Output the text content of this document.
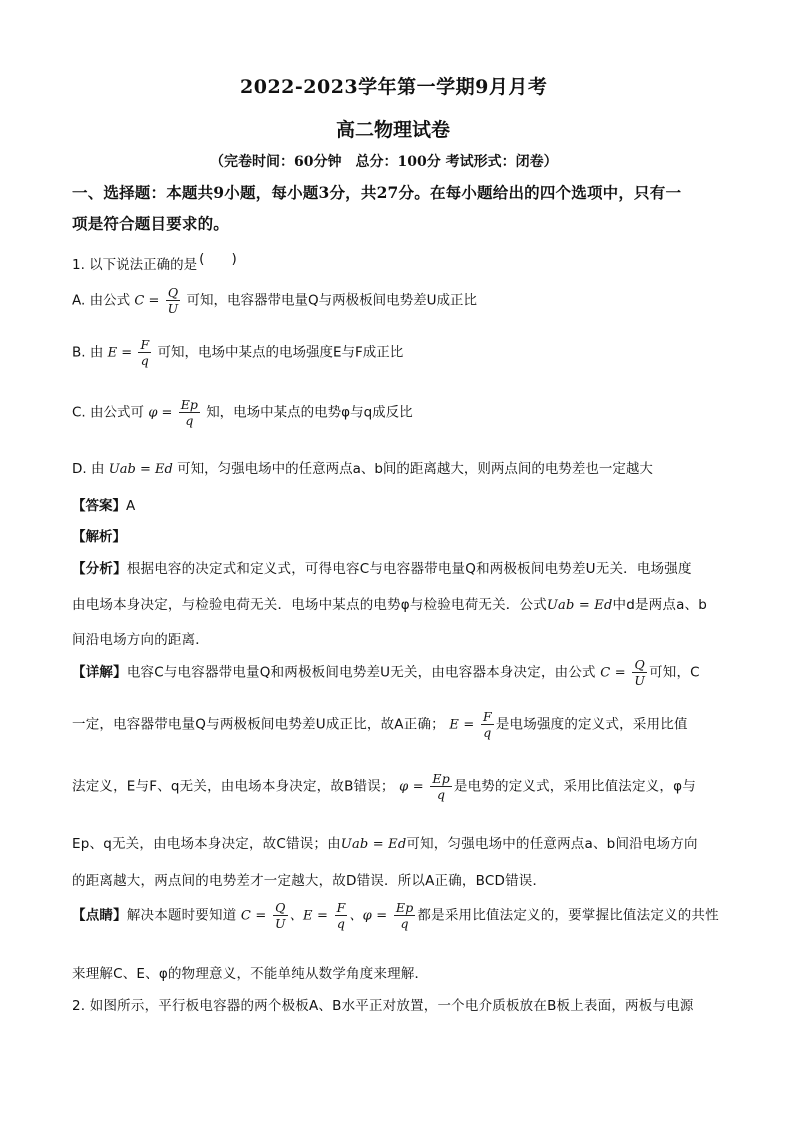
2022-2023学年第一学期9月月考
高二物理试卷
（完卷时间：60分钟　总分：100分 考试形式：闭卷）
一、选择题：本题共9小题，每小题3分，共27分。在每小题给出的四个选项中，只有一
项是符合题目要求的。
1. 以下说法正确的是 (　　)
A. 由公式 $C = \frac{Q}{U}$ 可知，电容器带电量Q与两极板间电势差U成正比
B. 由 $E = \frac{F}{q}$ 可知，电场中某点的电场强度E与F成正比
C. 由公式可 $\varphi = \frac{Ep}{q}$ 知，电场中某点的电势φ与q成反比
D. 由 Uab = Ed 可知，匀强电场中的任意两点a、b间的距离越大，则两点间的电势差也一定越大
【答案】A
【解析】
【分析】根据电容的决定式和定义式，可得电容C与电容器带电量Q和两极板间电势差U无关．电场强度
由电场本身决定，与检验电荷无关．电场中某点的电势φ与检验电荷无关．公式Uab = Ed中d是两点a、b
间沿电场方向的距离．
【详解】电容C与电容器带电量Q和两极板间电势差U无关，由电容器本身决定，由公式 $C = \frac{Q}{U}$ 可知，C
一定，电容器带电量Q与两极板间电势差U成正比，故A正确； $E = \frac{F}{q}$ 是电场强度的定义式，采用比值
法定义，E与F、q无关，由电场本身决定，故B错误； $\varphi = \frac{Ep}{q}$ 是电势的定义式，采用比值法定义，φ与
Ep、q无关，由电场本身决定，故C错误；由Uab = Ed可知，匀强电场中的任意两点a、b间沿电场方向
的距离越大，两点间的电势差才一定越大，故D错误．所以A正确，BCD错误．
【点睛】解决本题时要知道 $C = \frac{Q}{U}$ 、$E = \frac{F}{q}$ 、$\varphi = \frac{Ep}{q}$ 都是采用比值法定义的，要掌握比值法定义的共性
来理解C、E、φ的物理意义，不能单纯从数学角度来理解．
2. 如图所示，平行板电容器的两个极板A、B水平正对放置，一个电介质板放在B板上表面，两板与电源
